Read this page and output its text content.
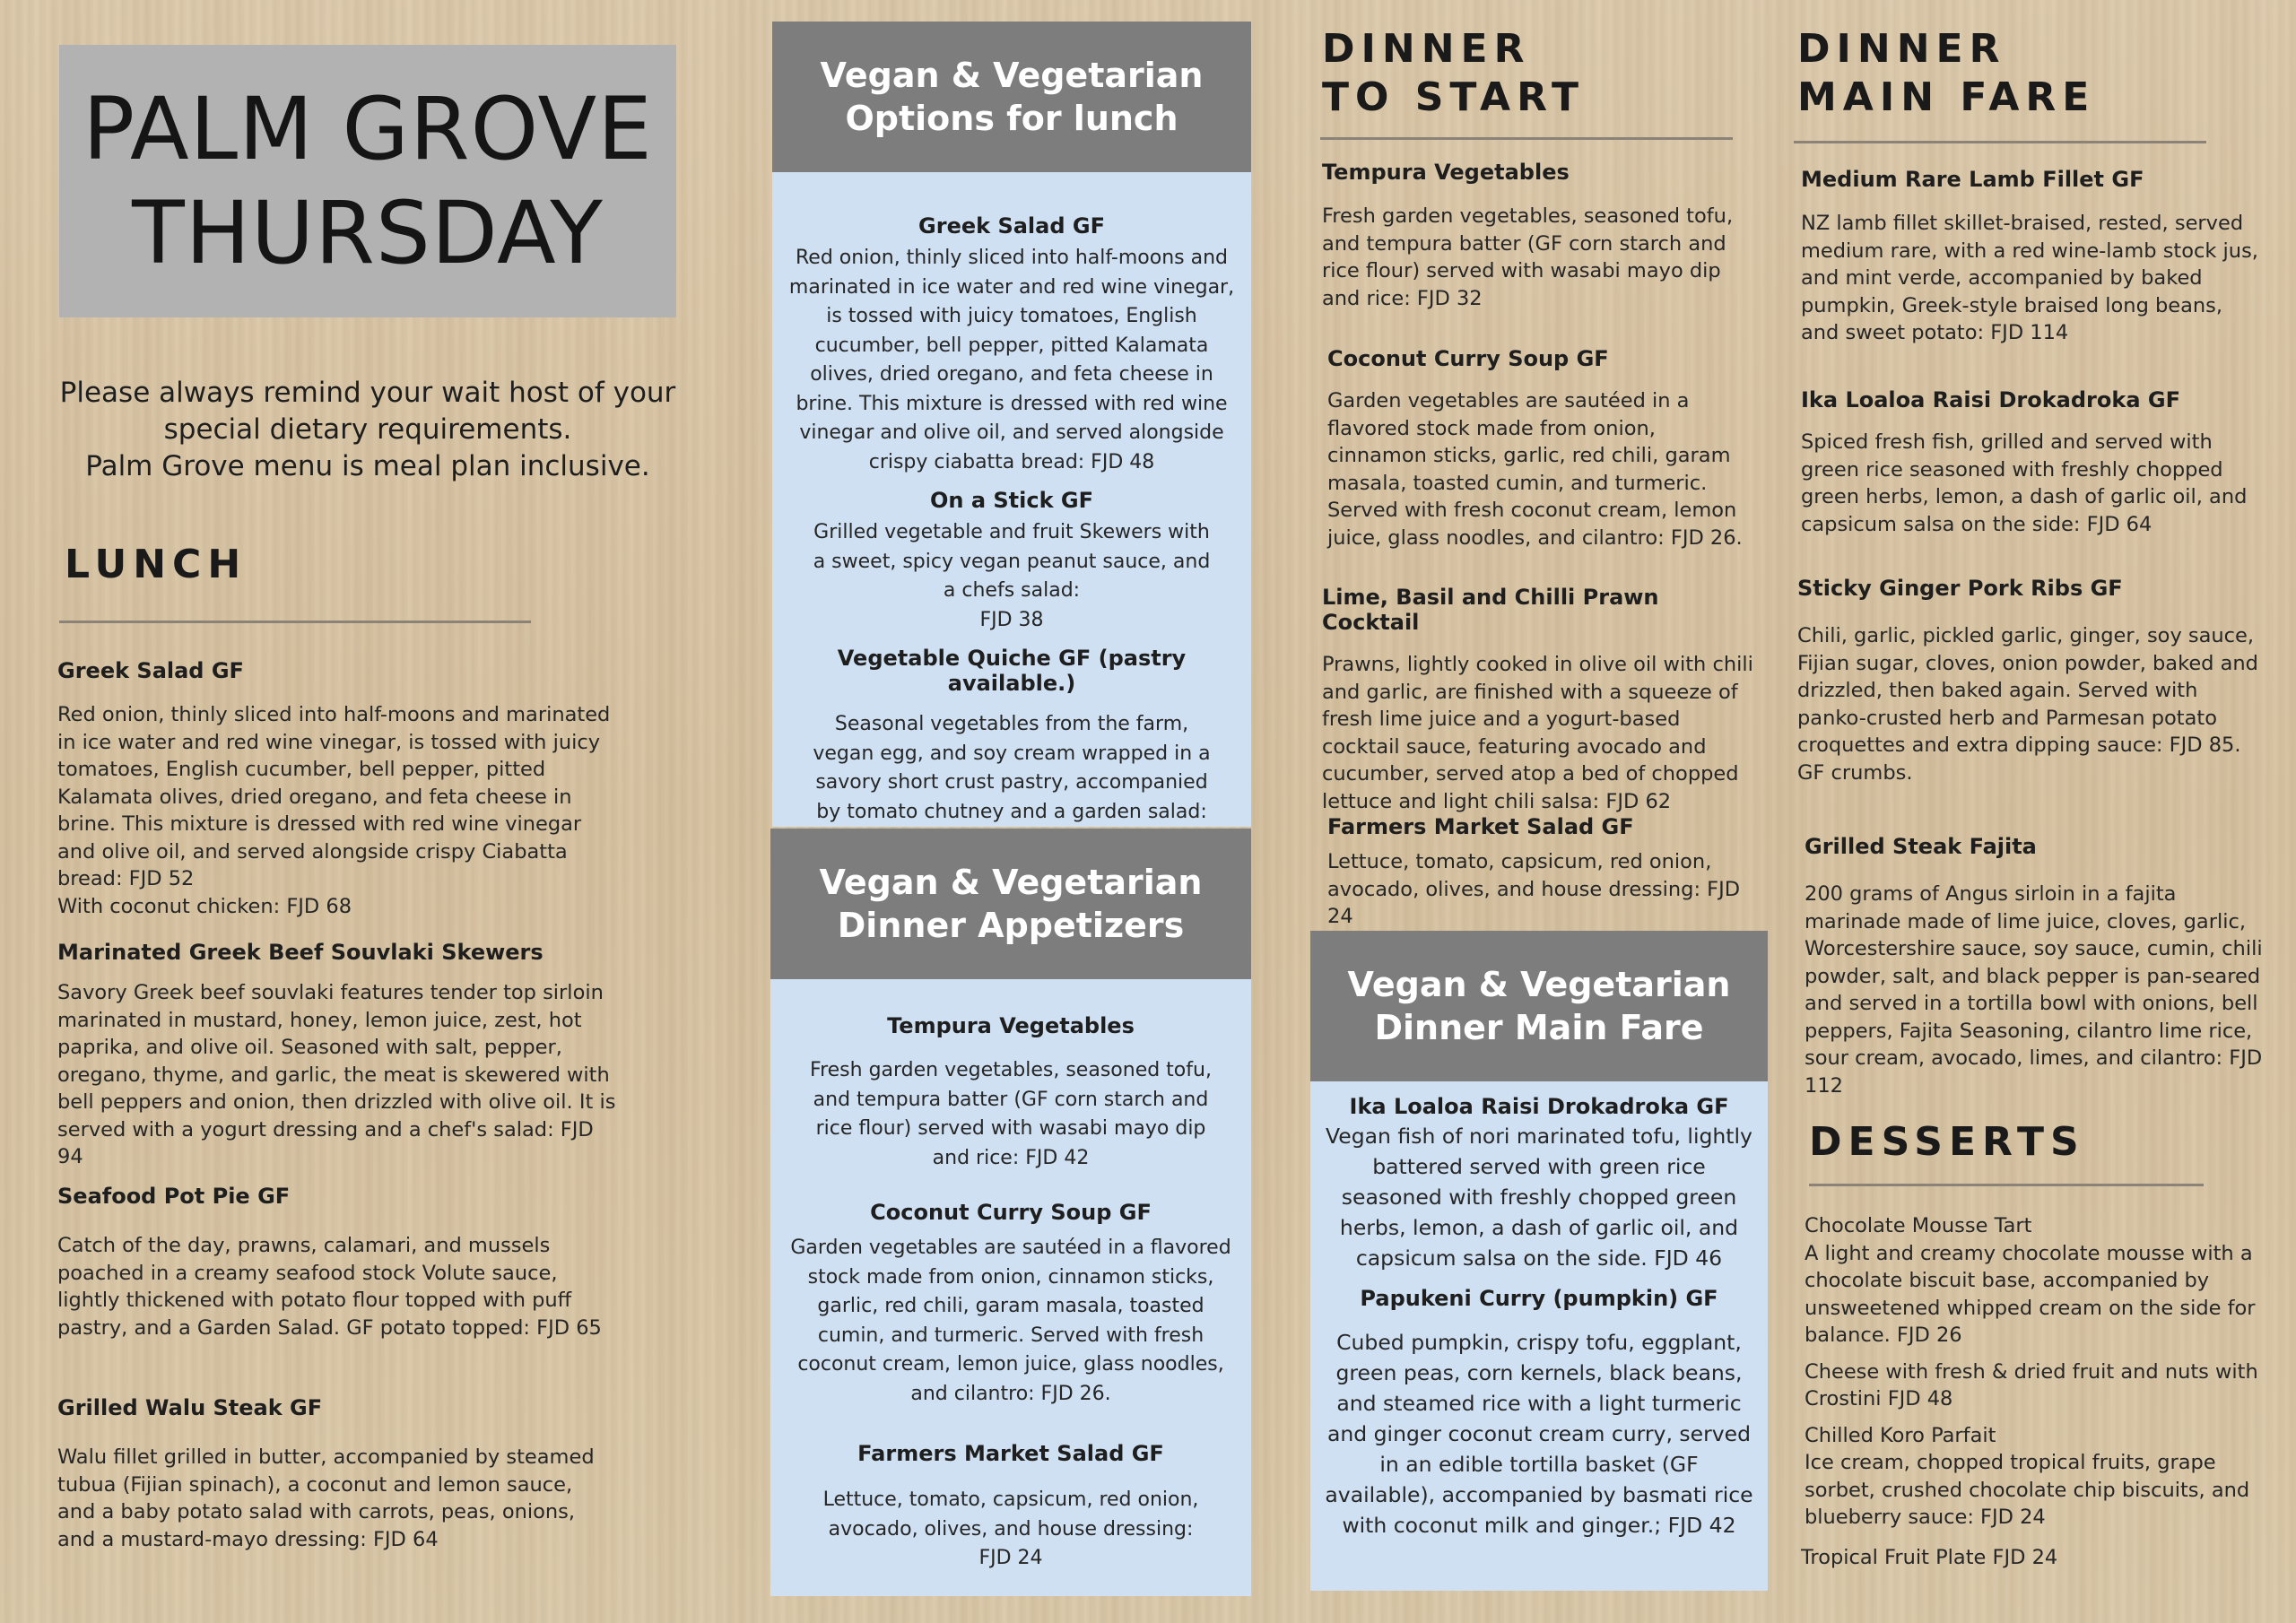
PALM GROVE
THURSDAY
Please always remind your wait host of your
special dietary requirements.
Palm Grove menu is meal plan inclusive.
LUNCH
Greek Salad GF
Red onion, thinly sliced into half-moons and marinated in ice water and red wine vinegar, is tossed with juicy tomatoes, English cucumber, bell pepper, pitted Kalamata olives, dried oregano, and feta cheese in brine. This mixture is dressed with red wine vinegar and olive oil, and served alongside crispy Ciabatta bread: FJD 52
With coconut chicken: FJD 68
Marinated Greek Beef Souvlaki Skewers
Savory Greek beef souvlaki features tender top sirloin marinated in mustard, honey, lemon juice, zest, hot paprika, and olive oil. Seasoned with salt, pepper, oregano, thyme, and garlic, the meat is skewered with bell peppers and onion, then drizzled with olive oil. It is served with a yogurt dressing and a chef's salad: FJD 94
Seafood Pot Pie GF
Catch of the day, prawns, calamari, and mussels poached in a creamy seafood stock Volute sauce, lightly thickened with potato flour topped with puff pastry, and a Garden Salad. GF potato topped: FJD 65
Grilled Walu Steak GF
Walu fillet grilled in butter, accompanied by steamed tubua (Fijian spinach), a coconut and lemon sauce, and a baby potato salad with carrots, peas, onions, and a mustard-mayo dressing: FJD 64
Vegan & Vegetarian
Options for lunch
Greek Salad GF
Red onion, thinly sliced into half-moons and marinated in ice water and red wine vinegar, is tossed with juicy tomatoes, English cucumber, bell pepper, pitted Kalamata olives, dried oregano, and feta cheese in brine. This mixture is dressed with red wine vinegar and olive oil, and served alongside crispy ciabatta bread: FJD 48
On a Stick GF
Grilled vegetable and fruit Skewers with a sweet, spicy vegan peanut sauce, and a chefs salad:
FJD 38
Vegetable Quiche GF (pastry available.)
Seasonal vegetables from the farm, vegan egg, and soy cream wrapped in a savory short crust pastry, accompanied by tomato chutney and a garden salad:
Vegan & Vegetarian
Dinner Appetizers
Tempura Vegetables
Fresh garden vegetables, seasoned tofu, and tempura batter (GF corn starch and rice flour) served with wasabi mayo dip and rice: FJD 42
Coconut Curry Soup GF
Garden vegetables are sautéed in a flavored stock made from onion, cinnamon sticks, garlic, red chili, garam masala, toasted cumin, and turmeric. Served with fresh coconut cream, lemon juice, glass noodles, and cilantro: FJD 26.
Farmers Market Salad GF
Lettuce, tomato, capsicum, red onion, avocado, olives, and house dressing: FJD 24
DINNER
TO START
Tempura Vegetables
Fresh garden vegetables, seasoned tofu, and tempura batter (GF corn starch and rice flour) served with wasabi mayo dip and rice: FJD 32
Coconut Curry Soup GF
Garden vegetables are sautéed in a flavored stock made from onion, cinnamon sticks, garlic, red chili, garam masala, toasted cumin, and turmeric. Served with fresh coconut cream, lemon juice, glass noodles, and cilantro: FJD 26.
Lime, Basil and Chilli Prawn Cocktail
Prawns, lightly cooked in olive oil with chili and garlic, are finished with a squeeze of fresh lime juice and a yogurt-based cocktail sauce, featuring avocado and cucumber, served atop a bed of chopped lettuce and light chili salsa: FJD 62
Farmers Market Salad GF
Lettuce, tomato, capsicum, red onion, avocado, olives, and house dressing: FJD 24
Vegan & Vegetarian
Dinner Main Fare
Ika Loaloa Raisi Drokadroka GF
Vegan fish of nori marinated tofu, lightly battered served with green rice seasoned with freshly chopped green herbs, lemon, a dash of garlic oil, and capsicum salsa on the side. FJD 46
Papukeni Curry (pumpkin) GF
Cubed pumpkin, crispy tofu, eggplant, green peas, corn kernels, black beans, and steamed rice with a light turmeric and ginger coconut cream curry, served in an edible tortilla basket (GF available), accompanied by basmati rice with coconut milk and ginger.; FJD 42
DINNER
MAIN FARE
Medium Rare Lamb Fillet GF
NZ lamb fillet skillet-braised, rested, served medium rare, with a red wine-lamb stock jus, and mint verde, accompanied by baked pumpkin, Greek-style braised long beans, and sweet potato: FJD 114
Ika Loaloa Raisi Drokadroka GF
Spiced fresh fish, grilled and served with green rice seasoned with freshly chopped green herbs, lemon, a dash of garlic oil, and capsicum salsa on the side: FJD 64
Sticky Ginger Pork Ribs GF
Chili, garlic, pickled garlic, ginger, soy sauce, Fijian sugar, cloves, onion powder, baked and drizzled, then baked again. Served with panko-crusted herb and Parmesan potato croquettes and extra dipping sauce: FJD 85. GF crumbs.
Grilled Steak Fajita
200 grams of Angus sirloin in a fajita marinade made of lime juice, cloves, garlic, Worcestershire sauce, soy sauce, cumin, chili powder, salt, and black pepper is pan-seared and served in a tortilla bowl with onions, bell peppers, Fajita Seasoning, cilantro lime rice, sour cream, avocado, limes, and cilantro: FJD 112
DESSERTS
Chocolate Mousse Tart
A light and creamy chocolate mousse with a chocolate biscuit base, accompanied by unsweetened whipped cream on the side for balance. FJD 26
Cheese with fresh & dried fruit and nuts with Crostini FJD 48
Chilled Koro Parfait
Ice cream, chopped tropical fruits, grape sorbet, crushed chocolate chip biscuits, and blueberry sauce: FJD 24
Tropical Fruit Plate FJD 24
